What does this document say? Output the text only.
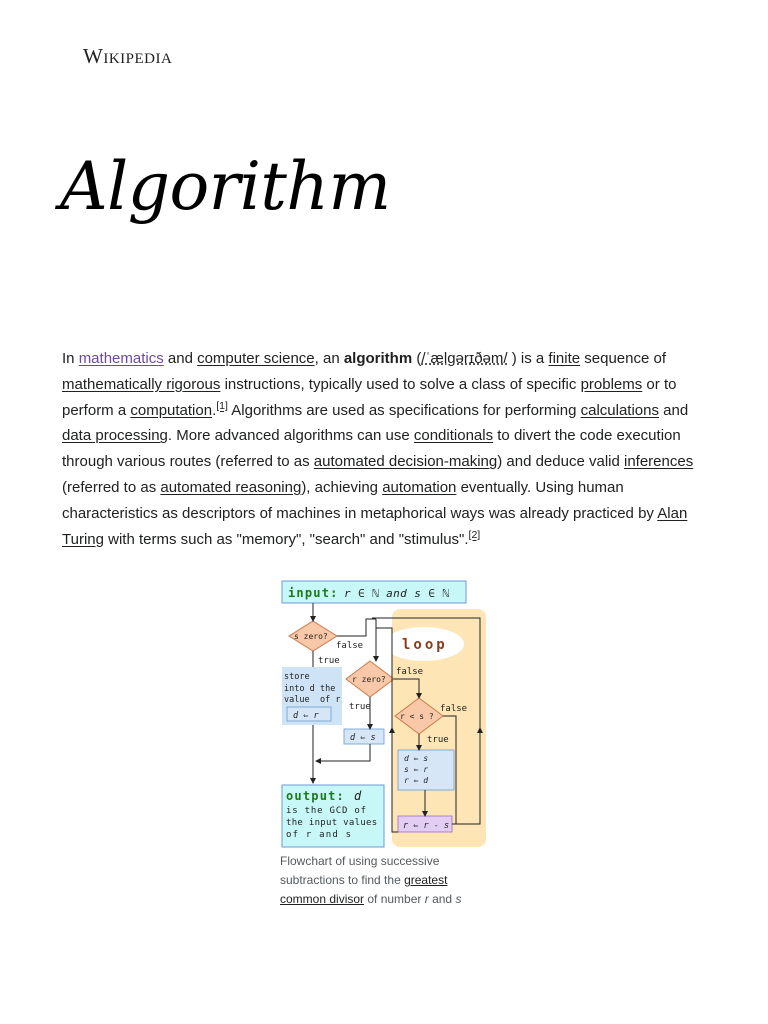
Wikipedia
Algorithm

In mathematics and computer science, an algorithm (/ˈælɡərɪðəm/ ) is a finite sequence of mathematically rigorous instructions, typically used to solve a class of specific problems or to perform a computation.[1] Algorithms are used as specifications for performing calculations and data processing. More advanced algorithms can use conditionals to divert the code execution through various routes (referred to as automated decision-making) and deduce valid inferences (referred to as automated reasoning), achieving automation eventually. Using human characteristics as descriptors of machines in metaphorical ways was already practiced by Alan Turing with terms such as "memory", "search" and "stimulus".[2]

input: r ∈ ℕ and s ∈ ℕ
loop
s zero?
false
true
store
into d the
value of r
d ⇐ r
r zero?
false
true
d ⇐ s
r < s ?
false
true
d ⇐ s
s ⇐ r
r ⇐ d
r ⇐ r - s
output: d
is the GCD of
the input values
of r and s
Flowchart of using successive subtractions to find the greatest common divisor of number r and s
